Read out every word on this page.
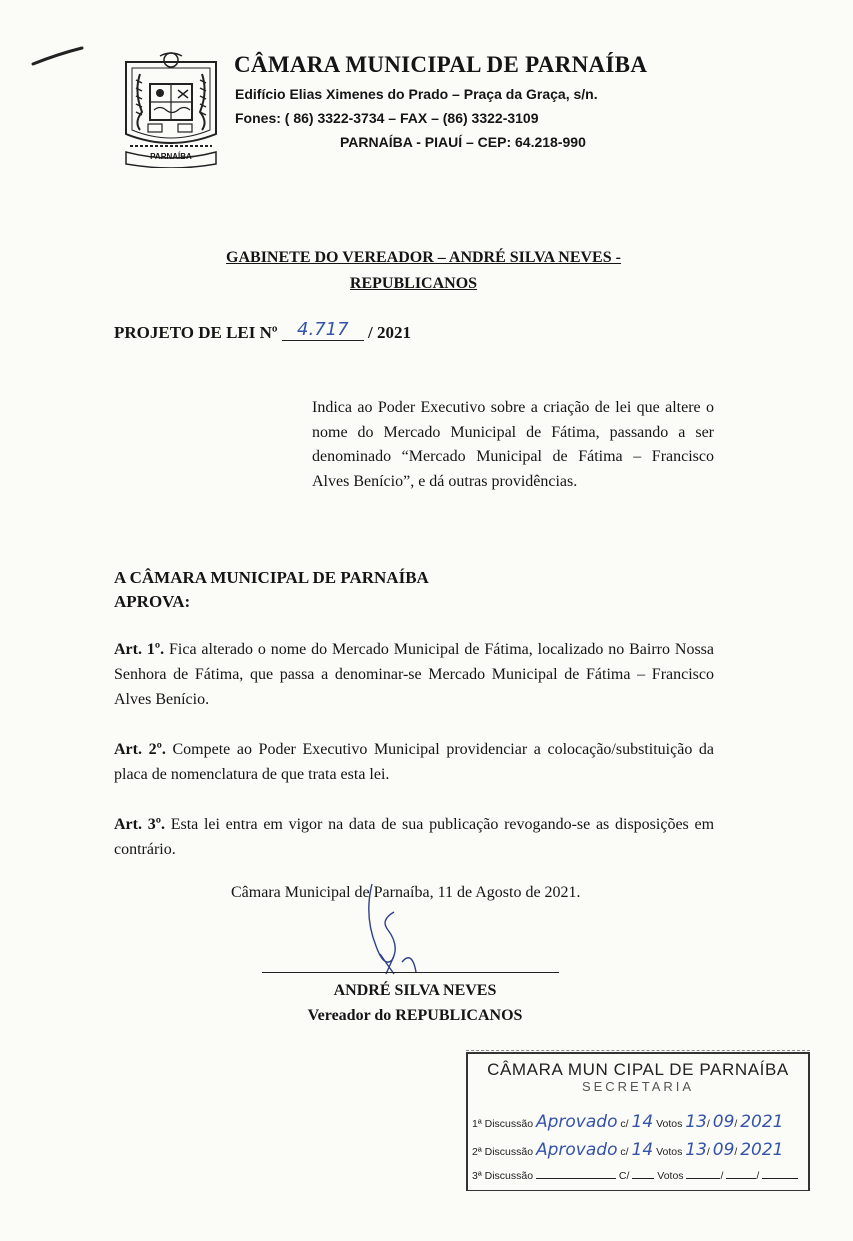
PARNAÍBA
CÂMARA MUNICIPAL DE PARNAÍBA
Edifício Elias Ximenes do Prado – Praça da Graça, s/n.
Fones: ( 86) 3322-3734 – FAX – (86) 3322-3109
PARNAÍBA - PIAUÍ – CEP: 64.218-990
GABINETE DO VEREADOR – ANDRÉ SILVA NEVES -
REPUBLICANOS
PROJETO DE LEI Nº 4.717 / 2021
Indica ao Poder Executivo sobre a criação de lei que altere o nome do Mercado Municipal de Fátima, passando a ser denominado “Mercado Municipal de Fátima – Francisco Alves Benício”, e dá outras providências.
A CÂMARA MUNICIPAL DE PARNAÍBA
APROVA:
Art. 1º. Fica alterado o nome do Mercado Municipal de Fátima, localizado no Bairro Nossa Senhora de Fátima, que passa a denominar-se Mercado Municipal de Fátima – Francisco Alves Benício.
Art. 2º. Compete ao Poder Executivo Municipal providenciar a colocação/substituição da placa de nomenclatura de que trata esta lei.
Art. 3º. Esta lei entra em vigor na data de sua publicação revogando-se as disposições em contrário.
Câmara Municipal de Parnaíba, 11 de Agosto de 2021.
ANDRÉ SILVA NEVES
Vereador do REPUBLICANOS
CÂMARA MUN CIPAL DE PARNAÍBA
SECRETARIA
1ª Discussão Aprovado c/ 14 Votos 13/ 09/ 2021
2ª Discussão Aprovado c/ 14 Votos 13/ 09/ 2021
3ª Discussão	C/	Votos	/	/
